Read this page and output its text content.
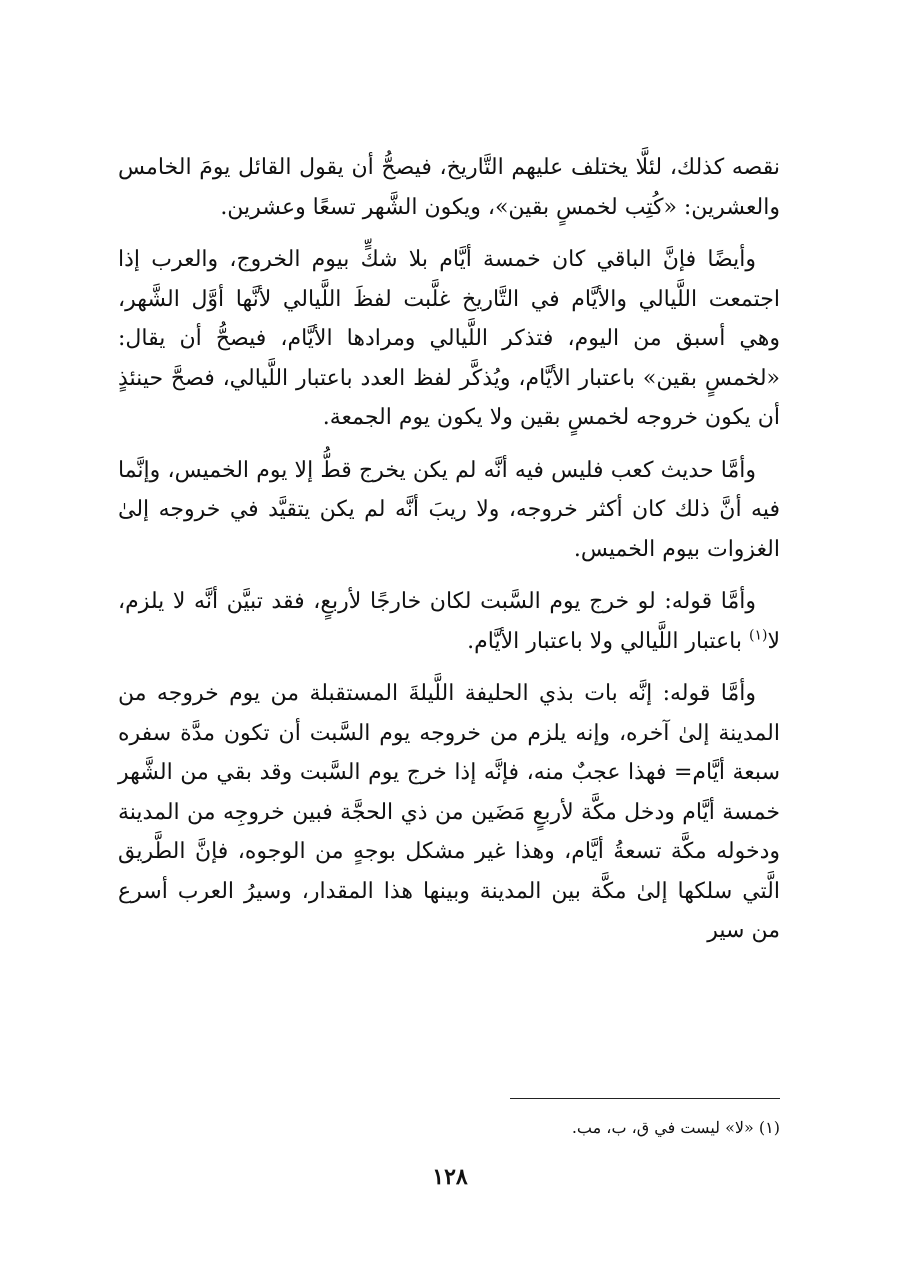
نقصه كذلك، لئلَّا يختلف عليهم التَّاريخ، فيصحُّ أن يقول القائل يومَ الخامس والعشرين: «كُتِب لخمسٍ بقين»، ويكون الشَّهر تسعًا وعشرين.

وأيضًا فإنَّ الباقي كان خمسة أيَّام بلا شكٍّ بيوم الخروج، والعرب إذا اجتمعت اللَّيالي والأيَّام في التَّاريخ غلَّبت لفظَ اللَّيالي لأنَّها أوَّل الشَّهر، وهي أسبق من اليوم، فتذكر اللَّيالي ومرادها الأيَّام، فيصحُّ أن يقال: «لخمسٍ بقين» باعتبار الأيَّام، ويُذكَّر لفظ العدد باعتبار اللَّيالي، فصحَّ حينئذٍ أن يكون خروجه لخمسٍ بقين ولا يكون يوم الجمعة.

وأمَّا حديث كعب فليس فيه أنَّه لم يكن يخرج قطُّ إلا يوم الخميس، وإنَّما فيه أنَّ ذلك كان أكثر خروجه، ولا ريبَ أنَّه لم يكن يتقيَّد في خروجه إلىٰ الغزوات بيوم الخميس.

وأمَّا قوله: لو خرج يوم السَّبت لكان خارجًا لأربعٍ، فقد تبيَّن أنَّه لا يلزم، لا$^{(١)}$ باعتبار اللَّيالي ولا باعتبار الأيَّام.

وأمَّا قوله: إنَّه بات بذي الحليفة اللَّيلةَ المستقبلة من يوم خروجه من المدينة إلىٰ آخره، وإنه يلزم من خروجه يوم السَّبت أن تكون مدَّة سفره سبعة أيَّام= فهذا عجبٌ منه، فإنَّه إذا خرج يوم السَّبت وقد بقي من الشَّهر خمسة أيَّام ودخل مكَّة لأربعٍ مَضَين من ذي الحجَّة فبين خروجِه من المدينة ودخوله مكَّة تسعةُ أيَّام، وهذا غير مشكل بوجهٍ من الوجوه، فإنَّ الطَّريق الَّتي سلكها إلىٰ مكَّة بين المدينة وبينها هذا المقدار، وسيرُ العرب أسرع من سير

(١) «لا» ليست في ق، ب، مب.
١٢٨
